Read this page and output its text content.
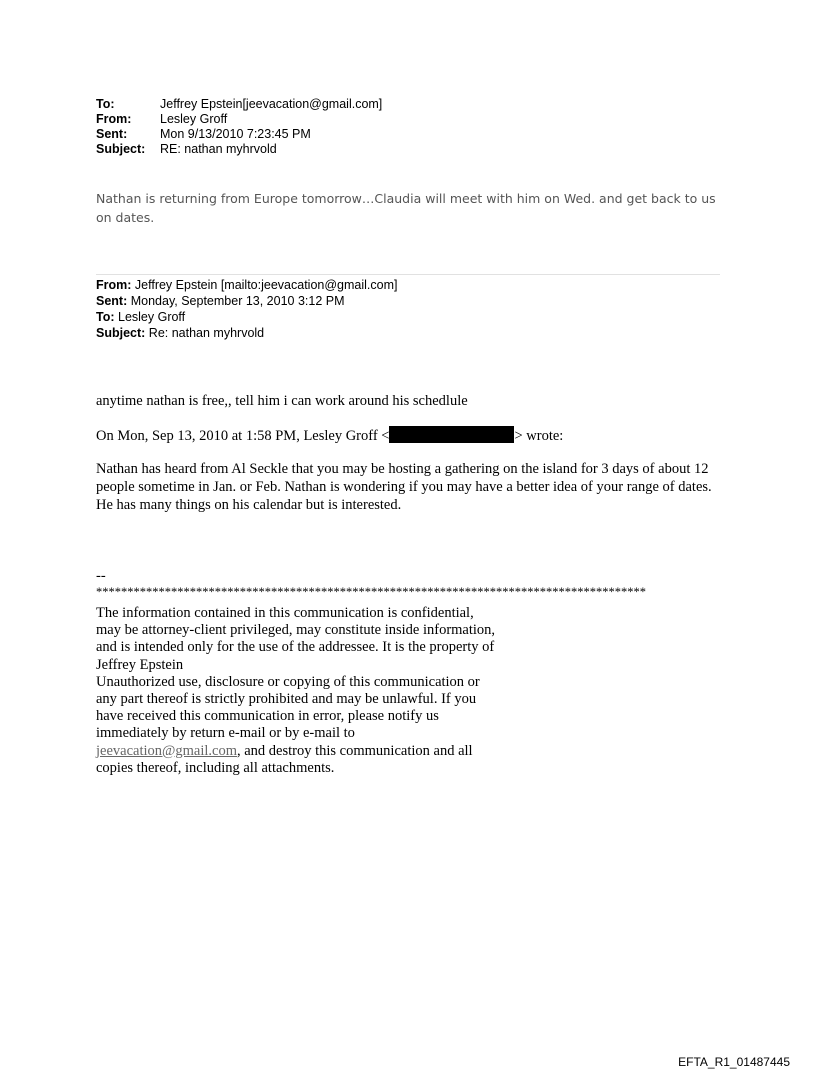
To:	Jeffrey Epstein[jeevacation@gmail.com]
From:	Lesley Groff
Sent:	Mon 9/13/2010 7:23:45 PM
Subject:	RE: nathan myhrvold
Nathan is returning from Europe tomorrow…Claudia will meet with him on Wed. and get back to us on dates.
From: Jeffrey Epstein [mailto:jeevacation@gmail.com]
Sent: Monday, September 13, 2010 3:12 PM
To: Lesley Groff
Subject: Re: nathan myhrvold
anytime nathan is free,, tell him i can work around his schedlule
On Mon, Sep 13, 2010 at 1:58 PM, Lesley Groff <	> wrote:
Nathan has heard from Al Seckle that you may be hosting a gathering on the island for 3 days of about 12 people sometime in Jan. or Feb. Nathan is wondering if you may have a better idea of your range of dates. He has many things on his calendar but is interested.
--
****************************************************************************************
The information contained in this communication is confidential, may be attorney-client privileged, may constitute inside information, and is intended only for the use of the addressee. It is the property of
Jeffrey Epstein
Unauthorized use, disclosure or copying of this communication or any part thereof is strictly prohibited and may be unlawful. If you have received this communication in error, please notify us immediately by return e-mail or by e-mail to jeevacation@gmail.com, and destroy this communication and all copies thereof, including all attachments.
EFTA_R1_01487445
